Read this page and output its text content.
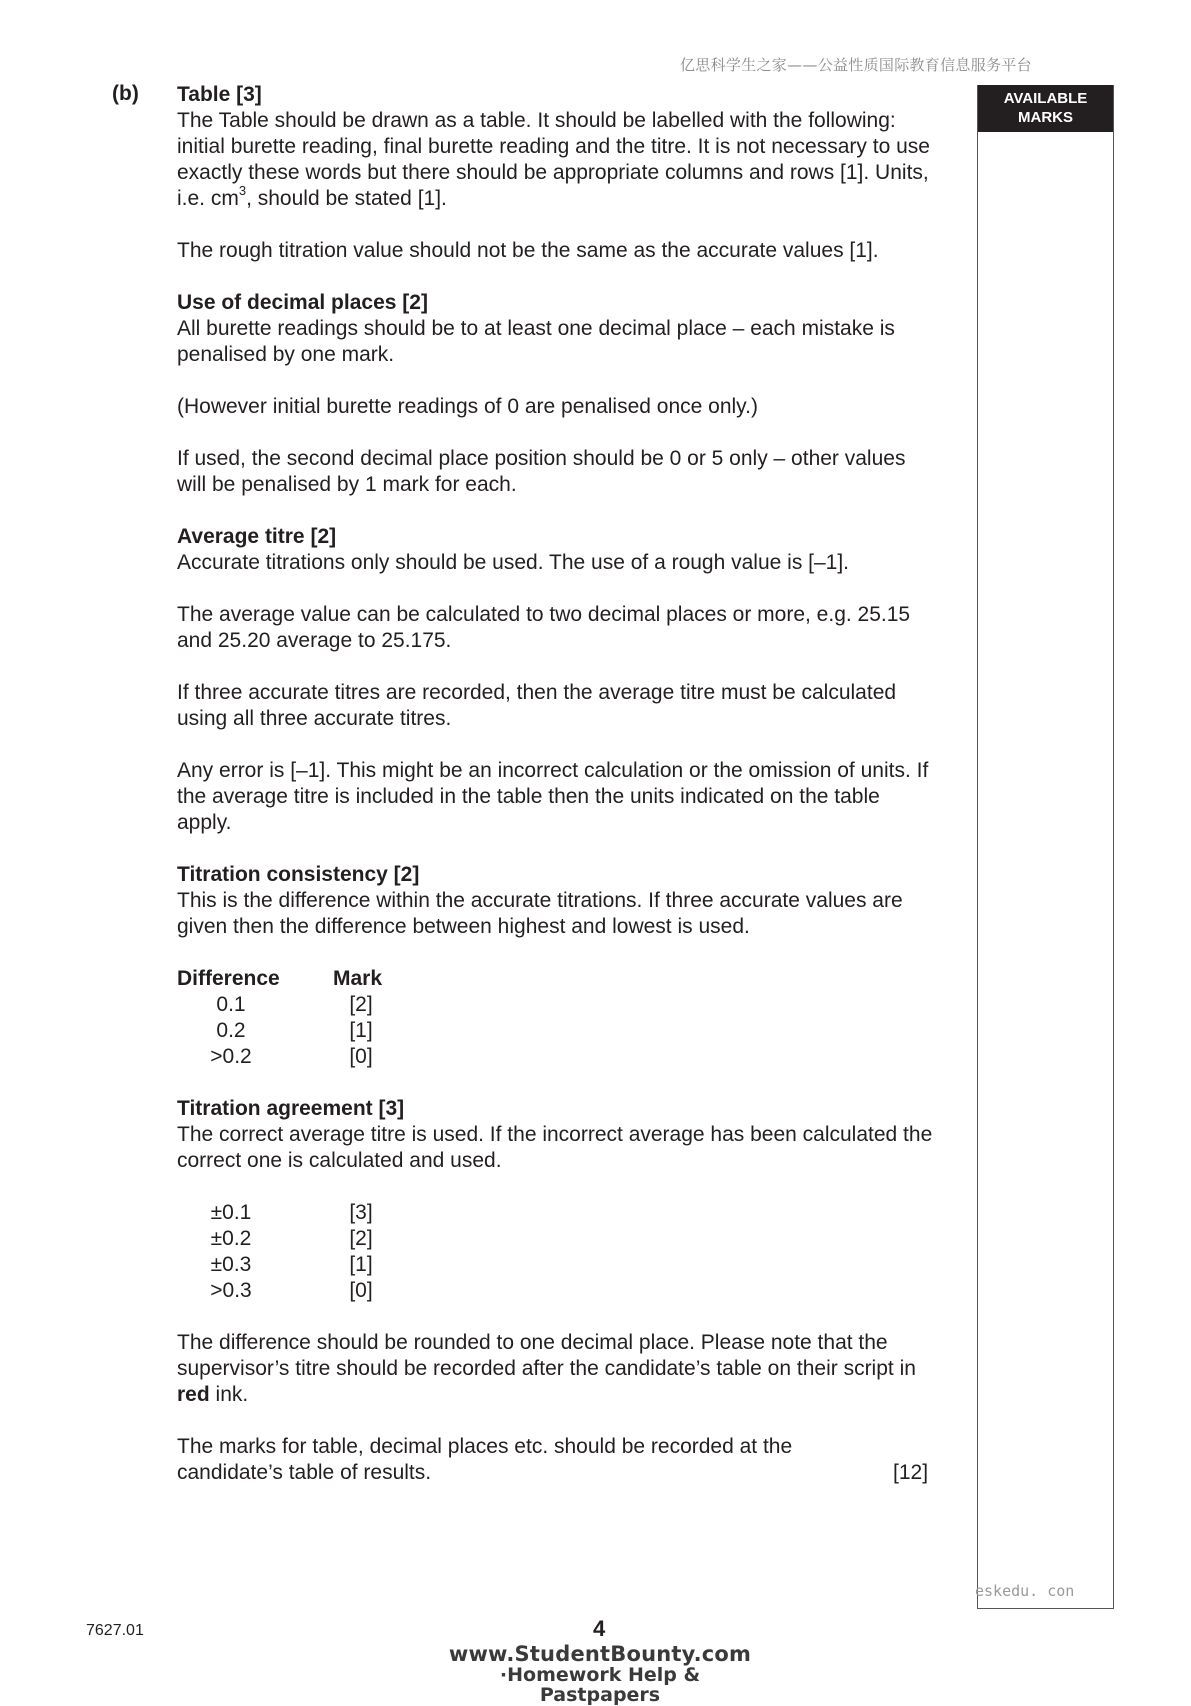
亿思科学生之家——公益性质国际教育信息服务平台
AVAILABLE
MARKS
(b) Table [3]
The Table should be drawn as a table. It should be labelled with the following: initial burette reading, final burette reading and the titre. It is not necessary to use exactly these words but there should be appropriate columns and rows [1]. Units, i.e. $cm^3$, should be stated [1].

The rough titration value should not be the same as the accurate values [1].

Use of decimal places [2]
All burette readings should be to at least one decimal place – each mistake is penalised by one mark.

(However initial burette readings of 0 are penalised once only.)

If used, the second decimal place position should be 0 or 5 only – other values will be penalised by 1 mark for each.

Average titre [2]
Accurate titrations only should be used. The use of a rough value is [–1].

The average value can be calculated to two decimal places or more, e.g. 25.15 and 25.20 average to 25.175.

If three accurate titres are recorded, then the average titre must be calculated using all three accurate titres.

Any error is [–1]. This might be an incorrect calculation or the omission of units. If the average titre is included in the table then the units indicated on the table apply.

Titration consistency [2]
This is the difference within the accurate titrations. If three accurate values are given then the difference between highest and lowest is used.

Difference	Mark
0.1	[2]
0.2	[1]
>0.2	[0]

Titration agreement [3]
The correct average titre is used. If the incorrect average has been calculated the correct one is calculated and used.

±0.1	[3]
±0.2	[2]
±0.3	[1]
>0.3	[0]

The difference should be rounded to one decimal place. Please note that the supervisor’s titre should be recorded after the candidate’s table on their script in red ink.

The marks for table, decimal places etc. should be recorded at the candidate’s table of results.	[12]
eskedu. con
7627.01	4
www.StudentBounty.com
·Homework Help & Pastpapers
